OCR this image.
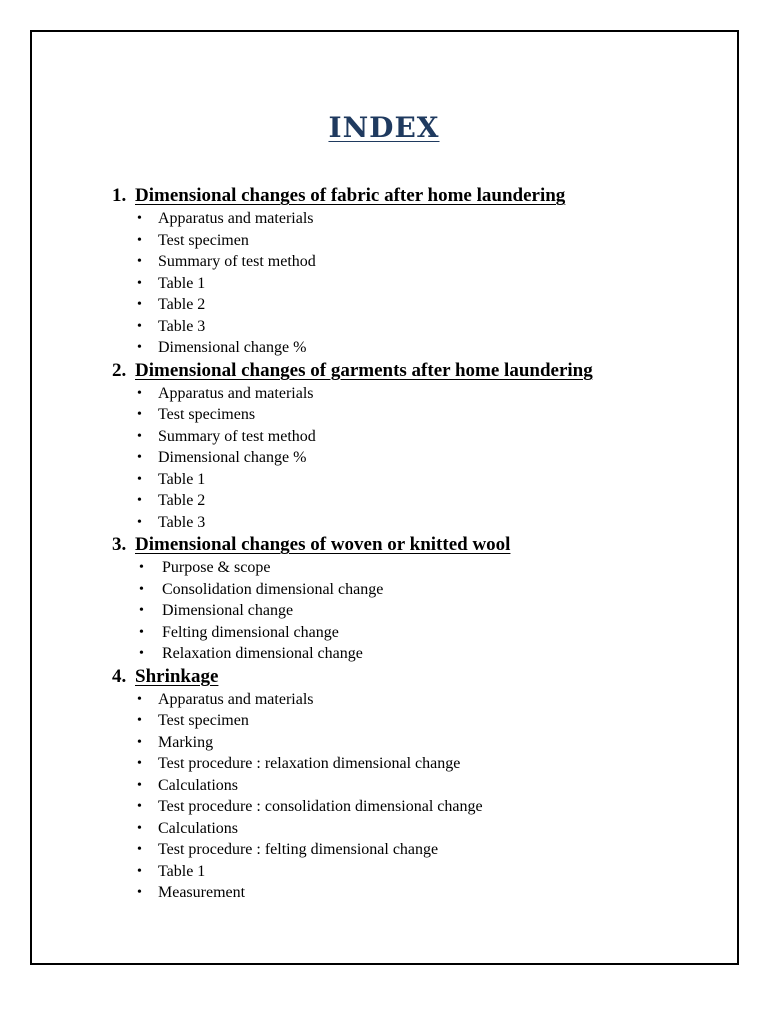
INDEX
1. Dimensional changes of fabric after home laundering
• Apparatus and materials
• Test specimen
• Summary of test method
• Table 1
• Table 2
• Table 3
• Dimensional change %
2. Dimensional changes of garments after home laundering
• Apparatus and materials
• Test specimens
• Summary of test method
• Dimensional change %
• Table 1
• Table 2
• Table 3
3. Dimensional changes of woven or knitted wool
• Purpose & scope
• Consolidation dimensional change
• Dimensional change
• Felting dimensional change
• Relaxation dimensional change
4. Shrinkage
• Apparatus and materials
• Test specimen
• Marking
• Test procedure : relaxation dimensional change
• Calculations
• Test procedure : consolidation dimensional change
• Calculations
• Test procedure : felting dimensional change
• Table 1
• Measurement
